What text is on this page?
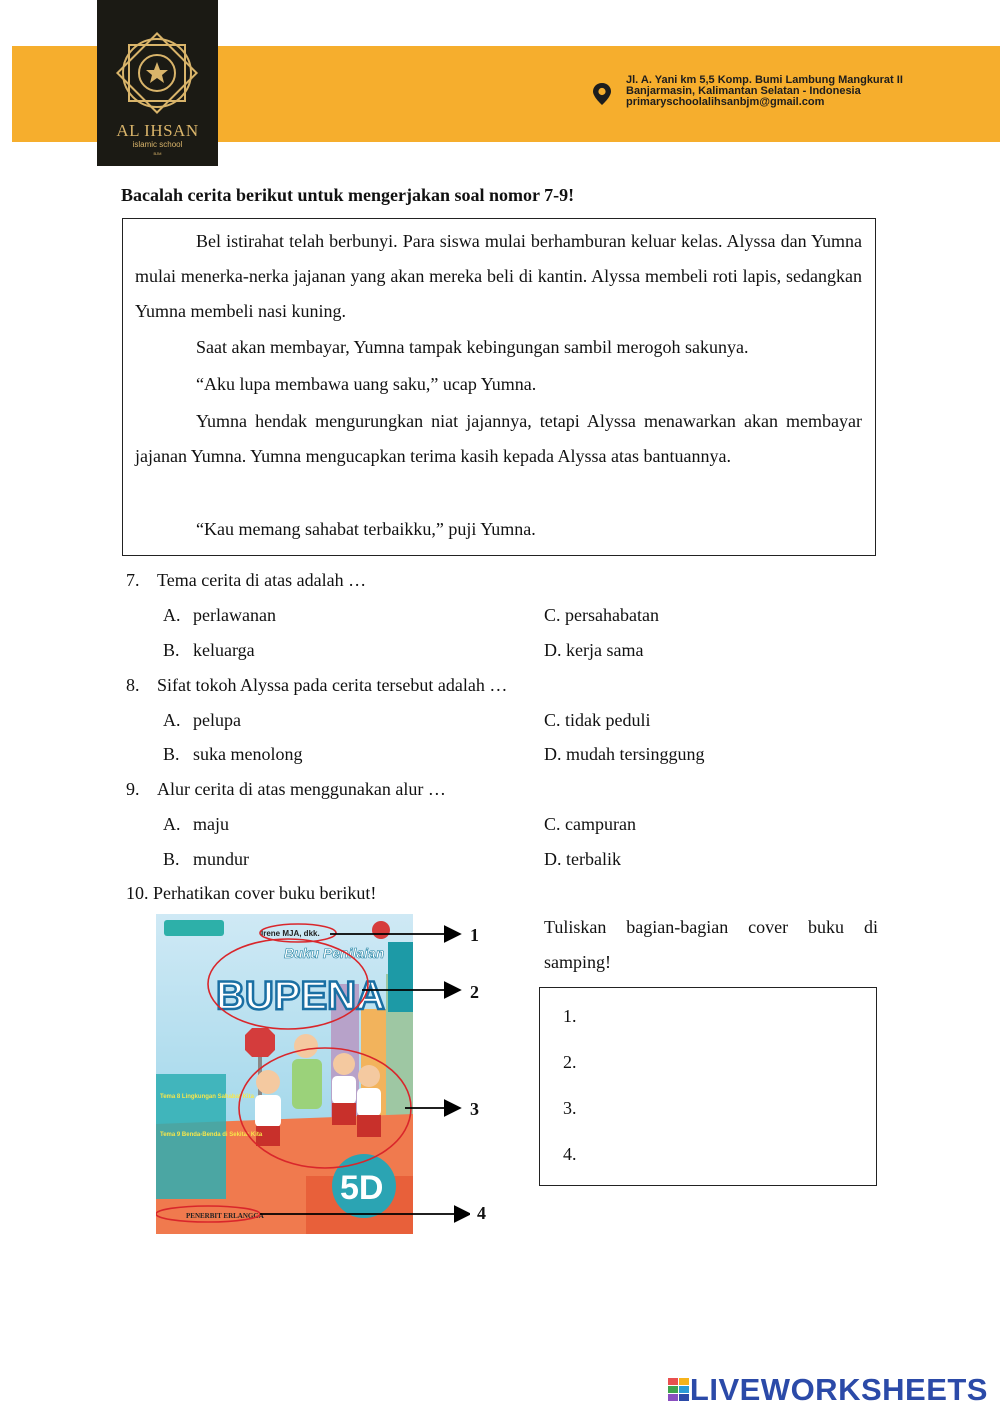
AL IHSAN
islamic school
BJM
Jl. A. Yani km 5,5 Komp. Bumi Lambung Mangkurat II
Banjarmasin, Kalimantan Selatan - Indonesia
primaryschoolalihsanbjm@gmail.com
Bacalah cerita berikut untuk mengerjakan soal nomor 7-9!
Bel istirahat telah berbunyi. Para siswa mulai berhamburan keluar kelas. Alyssa dan Yumna mulai menerka-nerka jajanan yang akan mereka beli di kantin. Alyssa membeli roti lapis, sedangkan Yumna membeli nasi kuning.
Saat akan membayar, Yumna tampak kebingungan sambil merogoh sakunya.
“Aku lupa membawa uang saku,” ucap Yumna.
Yumna hendak mengurungkan niat jajannya, tetapi Alyssa menawarkan akan membayar jajanan Yumna. Yumna mengucapkan terima kasih kepada Alyssa atas bantuannya.
“Kau memang sahabat terbaikku,” puji Yumna.
7. Tema cerita di atas adalah …
A. perlawanan
B. keluarga
C. persahabatan
D. kerja sama
8. Sifat tokoh Alyssa pada cerita tersebut adalah …
A. pelupa
B. suka menolong
C. tidak peduli
D. mudah tersinggung
9. Alur cerita di atas menggunakan alur …
A. maju
B. mundur
C. campuran
D. terbalik
10. Perhatikan cover buku berikut!
Irene MJA, dkk.
Buku Penilaian
BUPENA
Tema 8 Lingkungan Sahabat Kita
Tema 9 Benda-Benda di Sekitar Kita
5D
PENERBIT ERLANGGA
1
2
3
4
Tuliskan bagian-bagian cover buku di samping!
1.
2.
3.
4.
LIVEWORKSHEETS
